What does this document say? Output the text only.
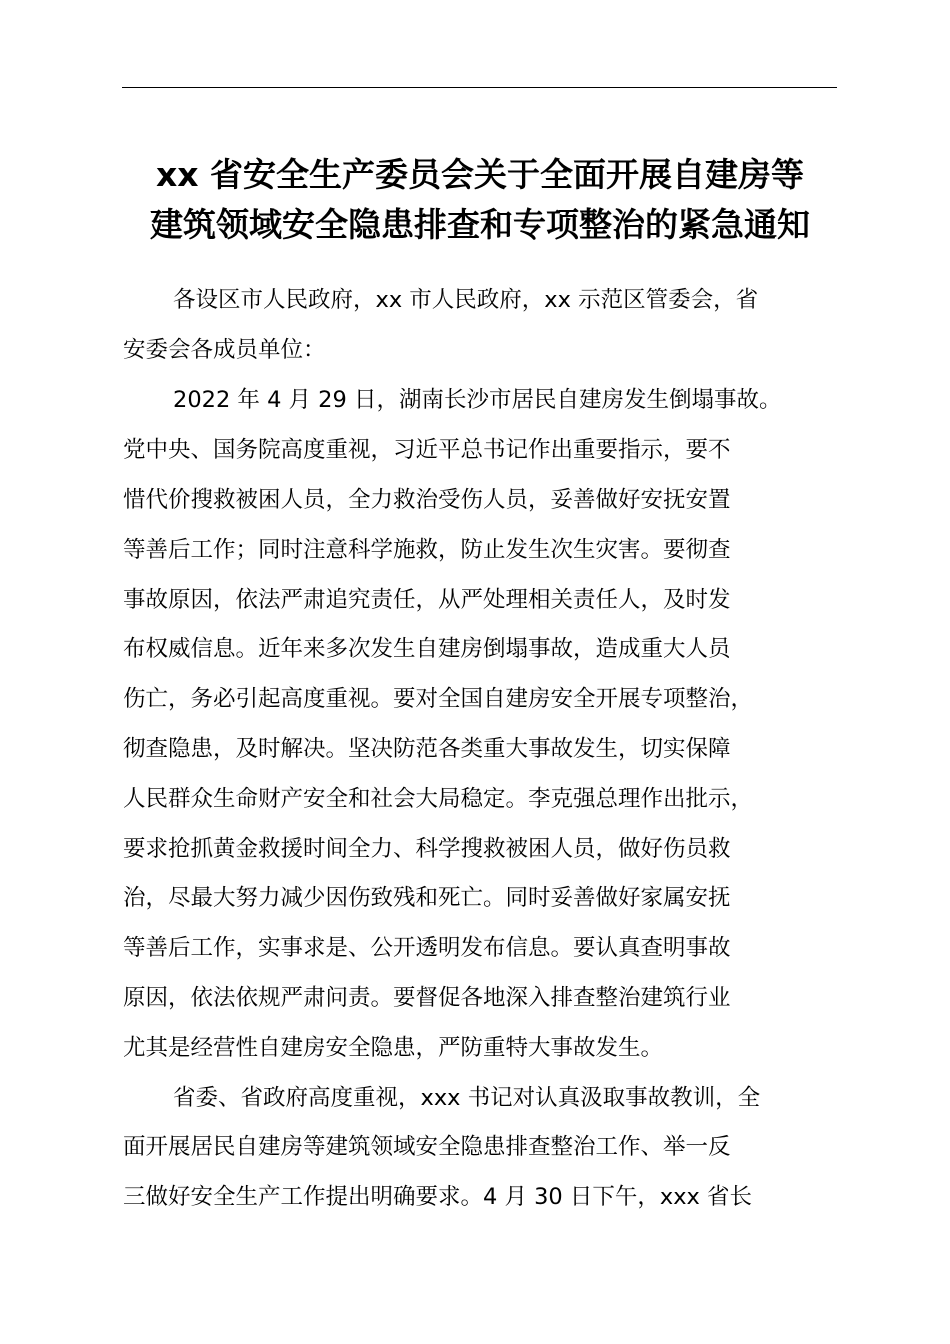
xx 省安全生产委员会关于全面开展自建房等
建筑领域安全隐患排查和专项整治的紧急通知

各设区市人民政府，xx 市人民政府，xx 示范区管委会，省

安委会各成员单位：

2022 年 4 月 29 日，湖南长沙市居民自建房发生倒塌事故。

党中央、国务院高度重视，习近平总书记作出重要指示，要不

惜代价搜救被困人员，全力救治受伤人员，妥善做好安抚安置

等善后工作；同时注意科学施救，防止发生次生灾害。要彻查

事故原因，依法严肃追究责任，从严处理相关责任人，及时发

布权威信息。近年来多次发生自建房倒塌事故，造成重大人员

伤亡，务必引起高度重视。要对全国自建房安全开展专项整治，

彻查隐患，及时解决。坚决防范各类重大事故发生，切实保障

人民群众生命财产安全和社会大局稳定。李克强总理作出批示，

要求抢抓黄金救援时间全力、科学搜救被困人员，做好伤员救

治，尽最大努力减少因伤致残和死亡。同时妥善做好家属安抚

等善后工作，实事求是、公开透明发布信息。要认真查明事故

原因，依法依规严肃问责。要督促各地深入排查整治建筑行业

尤其是经营性自建房安全隐患，严防重特大事故发生。

省委、省政府高度重视，xxx 书记对认真汲取事故教训，全

面开展居民自建房等建筑领域安全隐患排查整治工作、举一反

三做好安全生产工作提出明确要求。4 月 30 日下午，xxx 省长
